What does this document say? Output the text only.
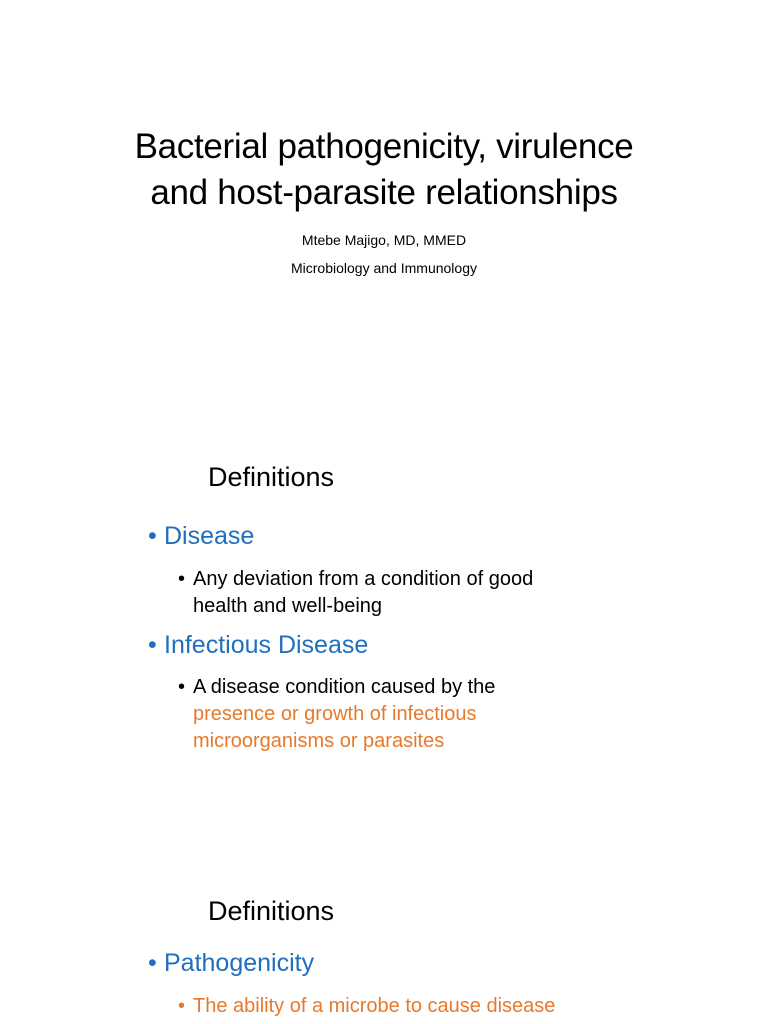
Bacterial pathogenicity, virulence
and host-parasite relationships
Mtebe Majigo, MD, MMED
Microbiology and Immunology
Definitions
• Disease
• Any deviation from a condition of good
health and well-being
• Infectious Disease
• A disease condition caused by the
presence or growth of infectious
microorganisms or parasites
Definitions
• Pathogenicity
• The ability of a microbe to cause disease
